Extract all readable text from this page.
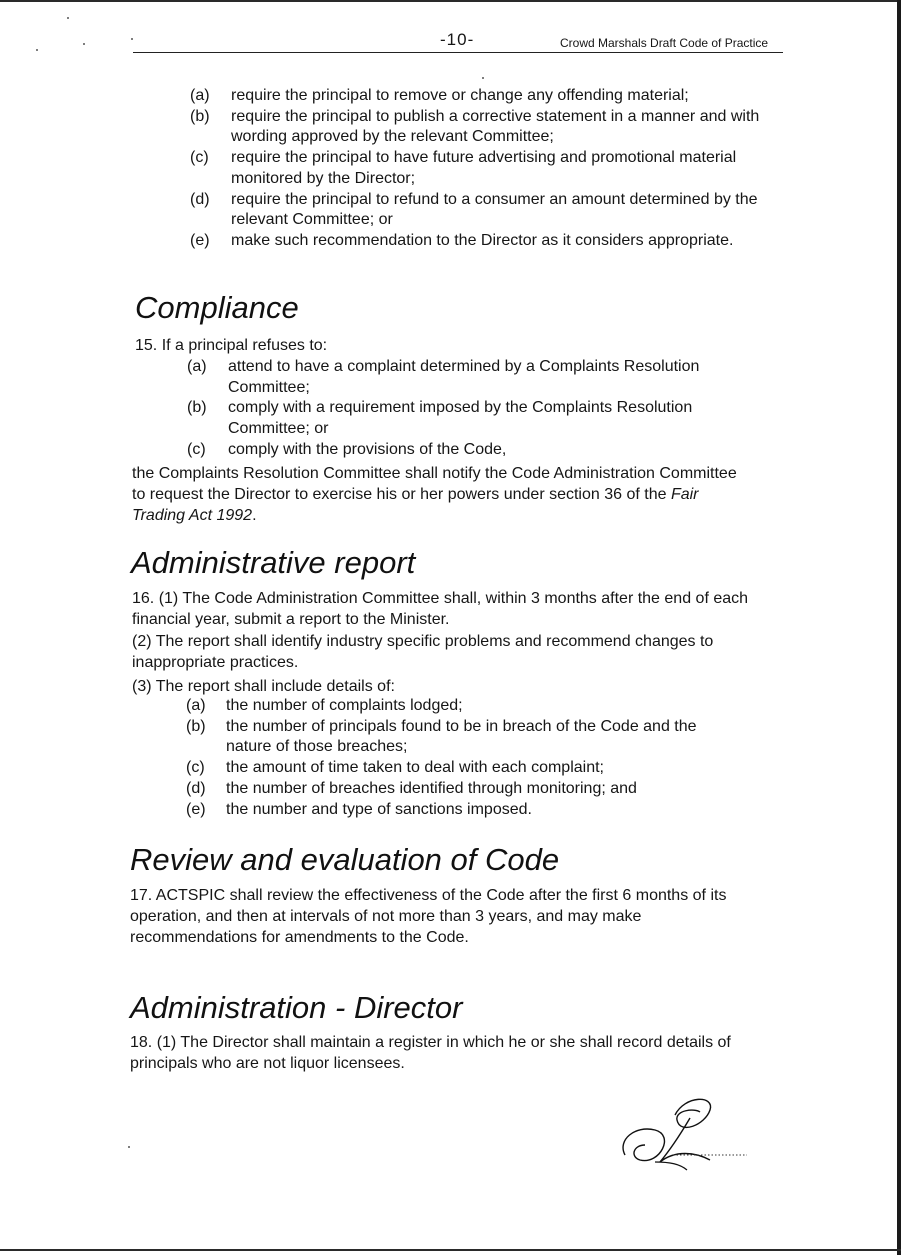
-10-	Crowd Marshals Draft Code of Practice
(a) require the principal to remove or change any offending material;
(b) require the principal to publish a corrective statement in a manner and with wording approved by the relevant Committee;
(c) require the principal to have future advertising and promotional material monitored by the Director;
(d) require the principal to refund to a consumer an amount determined by the relevant Committee; or
(e) make such recommendation to the Director as it considers appropriate.
Compliance

15. If a principal refuses to:

(a) attend to have a complaint determined by a Complaints Resolution Committee;
(b) comply with a requirement imposed by the Complaints Resolution Committee; or
(c) comply with the provisions of the Code,

the Complaints Resolution Committee shall notify the Code Administration Committee to request the Director to exercise his or her powers under section 36 of the Fair Trading Act 1992.

Administrative report

16. (1) The Code Administration Committee shall, within 3 months after the end of each financial year, submit a report to the Minister.

(2) The report shall identify industry specific problems and recommend changes to inappropriate practices.

(3) The report shall include details of:

(a) the number of complaints lodged;
(b) the number of principals found to be in breach of the Code and the nature of those breaches;
(c) the amount of time taken to deal with each complaint;
(d) the number of breaches identified through monitoring; and
(e) the number and type of sanctions imposed.
Review and evaluation of Code

17. ACTSPIC shall review the effectiveness of the Code after the first 6 months of its operation, and then at intervals of not more than 3 years, and may make recommendations for amendments to the Code.

Administration - Director

18. (1) The Director shall maintain a register in which he or she shall record details of principals who are not liquor licensees.
